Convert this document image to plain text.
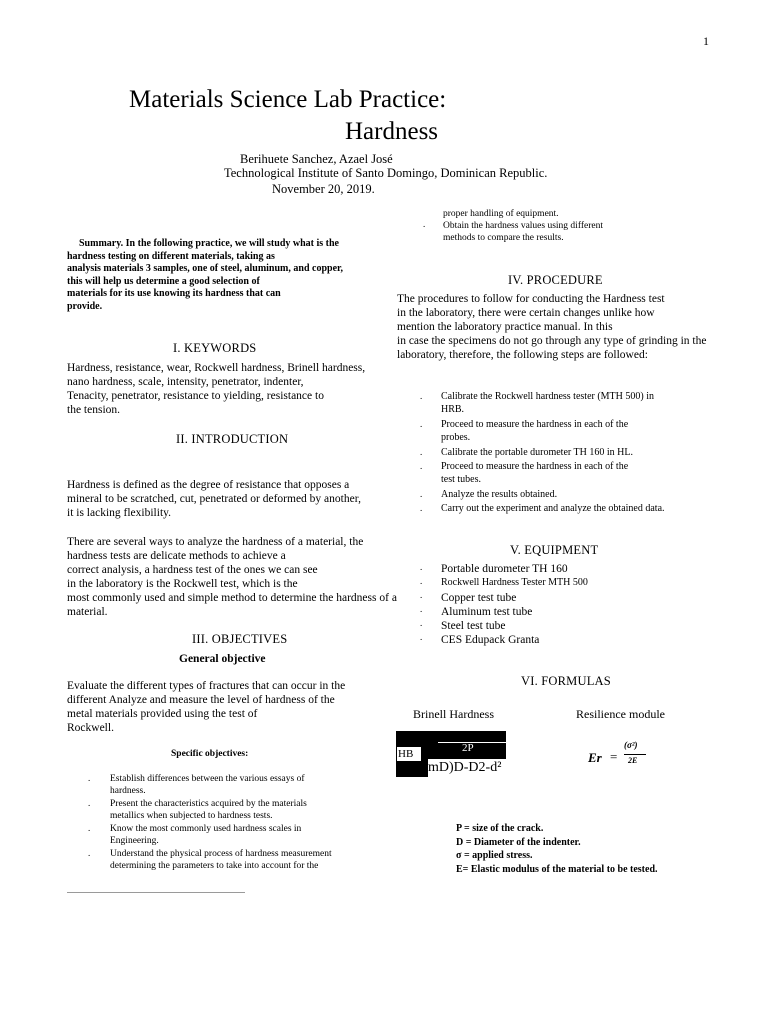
1
Materials Science Lab Practice:
Hardness
Berihuete Sanchez, Azael José
Technological Institute of Santo Domingo, Dominican Republic.
November 20, 2019.
Summary. In the following practice, we will study what is the
hardness testing on different materials, taking as
analysis materials 3 samples, one of steel, aluminum, and copper,
this will help us determine a good selection of
materials for its use knowing its hardness that can
provide.
I. KEYWORDS
Hardness, resistance, wear, Rockwell hardness, Brinell hardness,
nano hardness, scale, intensity, penetrator, indenter,
Tenacity, penetrator, resistance to yielding, resistance to
the tension.
II. INTRODUCTION
Hardness is defined as the degree of resistance that opposes a
mineral to be scratched, cut, penetrated or deformed by another,
it is lacking flexibility.
There are several ways to analyze the hardness of a material, the
hardness tests are delicate methods to achieve a
correct analysis, a hardness test of the ones we can see
in the laboratory is the Rockwell test, which is the
most commonly used and simple method to determine the hardness of a
material.
III. OBJECTIVES
General objective
Evaluate the different types of fractures that can occur in the
different Analyze and measure the level of hardness of the
metal materials provided using the test of
Rockwell.
Specific objectives:
. Establish differences between the various essays of
hardness.
. Present the characteristics acquired by the materials
metallics when subjected to hardness tests.
. Know the most commonly used hardness scales in
Engineering.
. Understand the physical process of hardness measurement
determining the parameters to take into account for the
proper handling of equipment.
Obtain the hardness values using different
methods to compare the results.
.
IV. PROCEDURE
The procedures to follow for conducting the Hardness test
in the laboratory, there were certain changes unlike how
mention the laboratory practice manual. In this
in case the specimens do not go through any type of grinding in the
laboratory, therefore, the following steps are followed:
. Calibrate the Rockwell hardness tester (MTH 500) in
HRB.
. Proceed to measure the hardness in each of the
probes.
. Calibrate the portable durometer TH 160 in HL.
. Proceed to measure the hardness in each of the
test tubes.
. Analyze the results obtained.
. Carry out the experiment and analyze the obtained data.
V. EQUIPMENT
. Portable durometer TH 160
. Rockwell Hardness Tester MTH 500
. Copper test tube
. Aluminum test tube
. Steel test tube
. CES Edupack Granta
VI. FORMULAS
Brinell Hardness	Resilience module
HB	2P
mD)D-D2-d²
Er =
(σ²)
2E
P = size of the crack.
D = Diameter of the indenter.
σ = applied stress.
E= Elastic modulus of the material to be tested.
